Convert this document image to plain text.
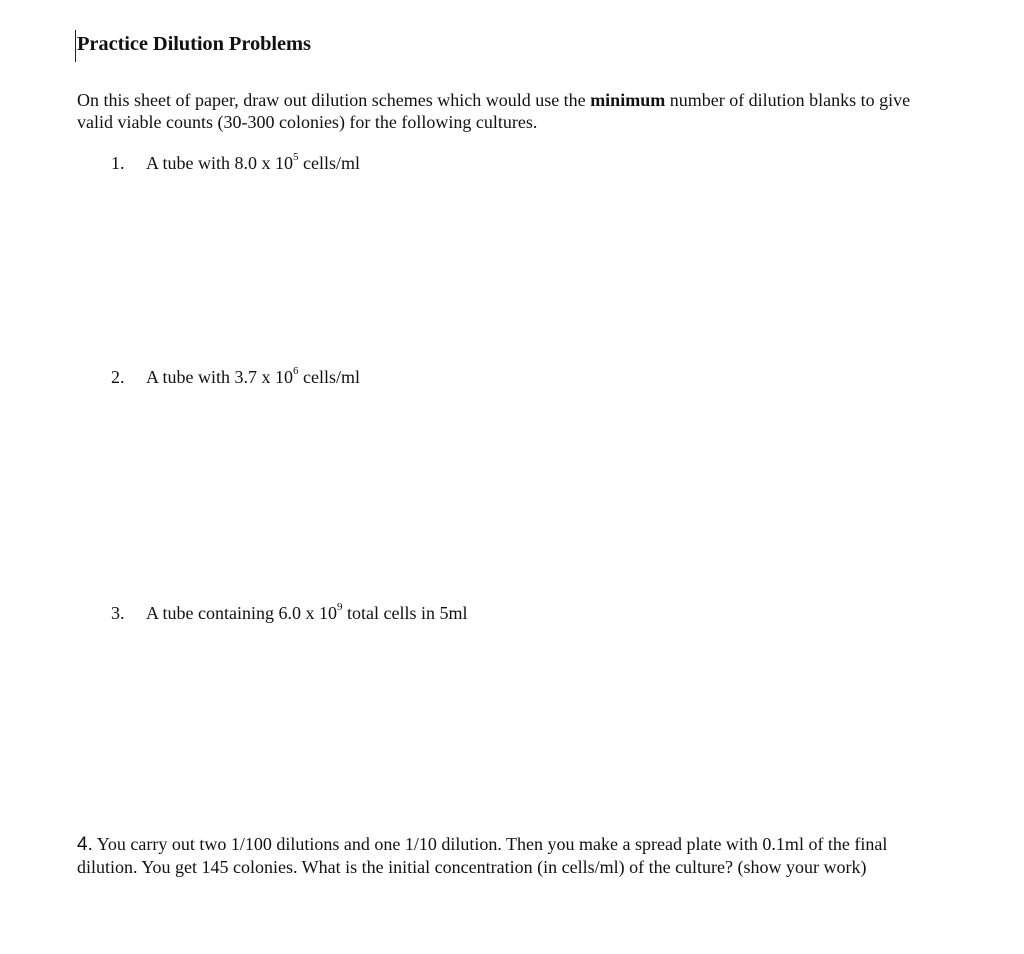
Practice Dilution Problems
On this sheet of paper, draw out dilution schemes which would use the minimum number of dilution blanks to give valid viable counts (30-300 colonies) for the following cultures.
1. A tube with 8.0 x $10^5$ cells/ml
2. A tube with 3.7 x $10^6$ cells/ml
3. A tube containing 6.0 x $10^9$ total cells in 5ml
4. You carry out two 1/100 dilutions and one 1/10 dilution. Then you make a spread plate with 0.1ml of the final dilution. You get 145 colonies. What is the initial concentration (in cells/ml) of the culture? (show your work)
